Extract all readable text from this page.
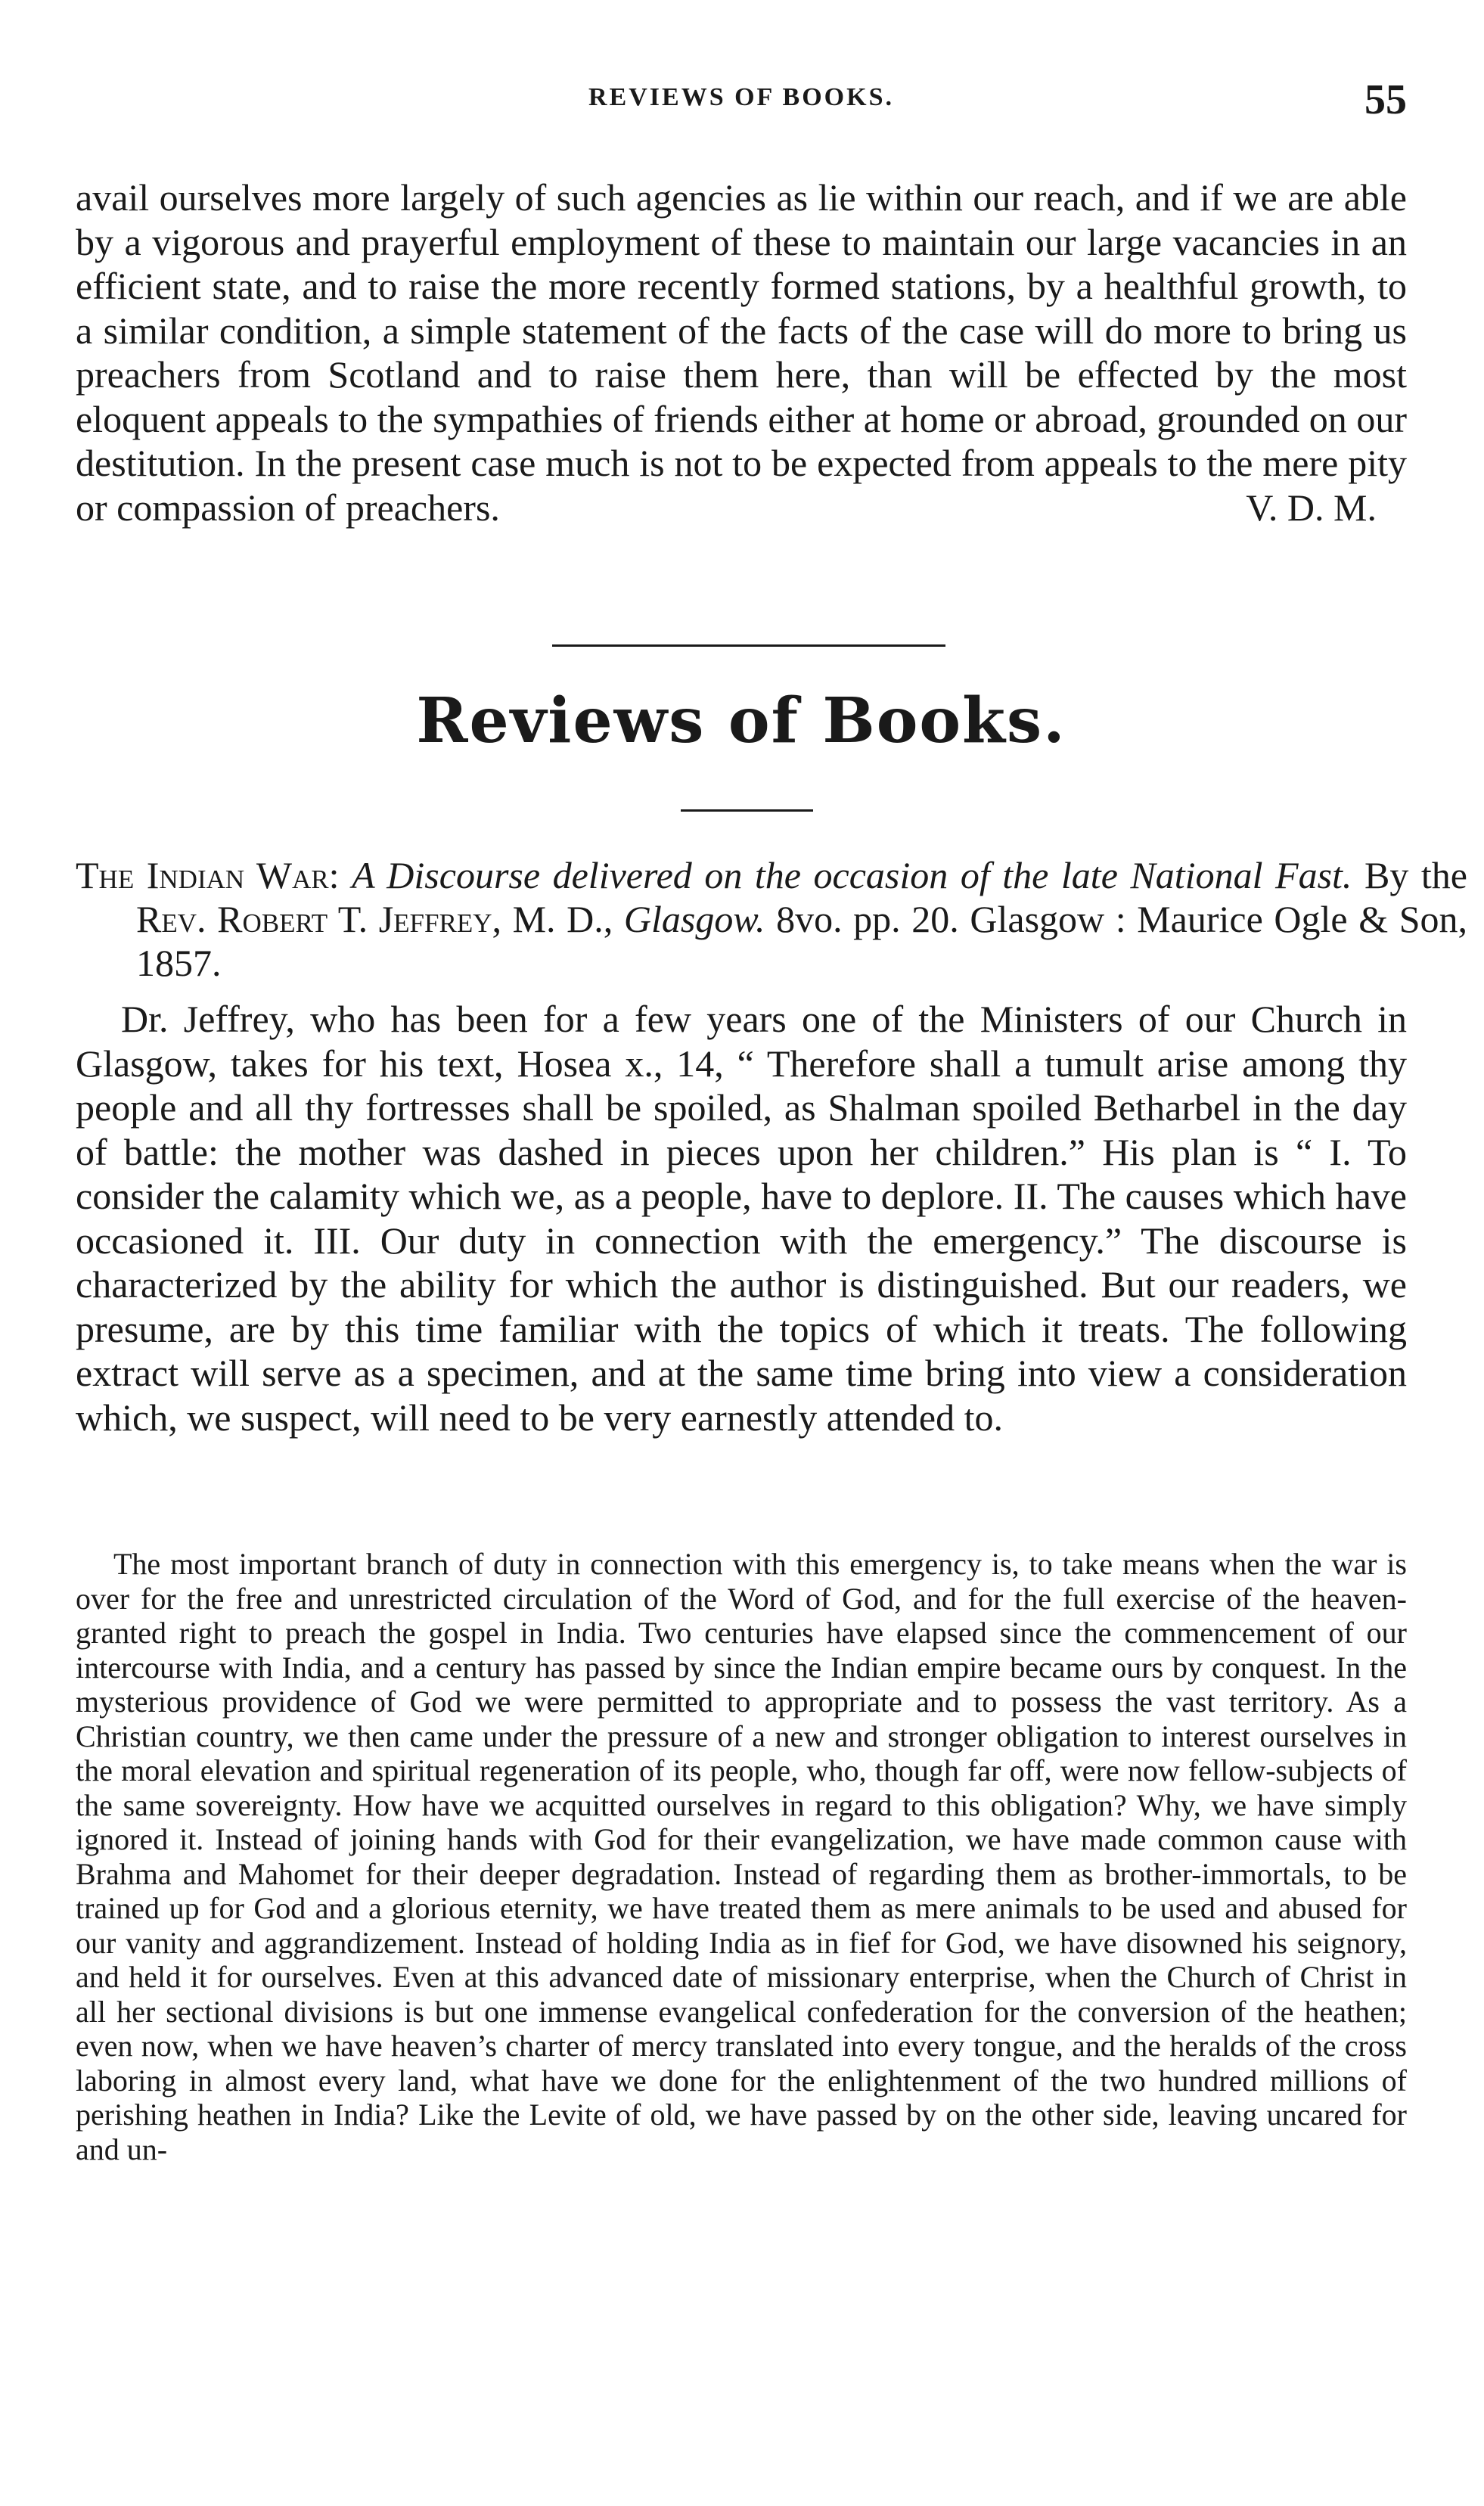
REVIEWS OF BOOKS.	55
avail ourselves more largely of such agencies as lie within our reach, and if we are able by a vigorous and prayerful employment of these to maintain our large vacancies in an efficient state, and to raise the more recently formed stations, by a healthful growth, to a similar condition, a simple statement of the facts of the case will do more to bring us preachers from Scotland and to raise them here, than will be effected by the most eloquent appeals to the sympathies of friends either at home or abroad, grounded on our destitution. In the present case much is not to be expected from appeals to the mere pity or compassion of preachers.	V. D. M.
Reviews of Books.
The Indian War: A Discourse delivered on the occasion of the late National Fast. By the Rev. Robert T. Jeffrey, M. D., Glasgow. 8vo. pp. 20. Glasgow : Maurice Ogle & Son, 1857.
Dr. Jeffrey, who has been for a few years one of the Ministers of our Church in Glasgow, takes for his text, Hosea x., 14, “ Therefore shall a tumult arise among thy people and all thy fortresses shall be spoiled, as Shalman spoiled Betharbel in the day of battle: the mother was dashed in pieces upon her children.” His plan is “ I. To consider the calamity which we, as a people, have to deplore. II. The causes which have occasioned it. III. Our duty in connection with the emergency.” The discourse is characterized by the ability for which the author is distinguished. But our readers, we presume, are by this time familiar with the topics of which it treats. The following extract will serve as a specimen, and at the same time bring into view a consideration which, we suspect, will need to be very earnestly attended to.
The most important branch of duty in connection with this emergency is, to take means when the war is over for the free and unrestricted circulation of the Word of God, and for the full exercise of the heaven-granted right to preach the gospel in India. Two centuries have elapsed since the commencement of our intercourse with India, and a century has passed by since the Indian empire became ours by conquest. In the mysterious providence of God we were permitted to appropriate and to possess the vast territory. As a Christian country, we then came under the pressure of a new and stronger obligation to interest ourselves in the moral elevation and spiritual regeneration of its people, who, though far off, were now fellow-subjects of the same sovereignty. How have we acquitted ourselves in regard to this obligation? Why, we have simply ignored it. Instead of joining hands with God for their evangelization, we have made common cause with Brahma and Mahomet for their deeper degradation. Instead of regarding them as brother-immortals, to be trained up for God and a glorious eternity, we have treated them as mere animals to be used and abused for our vanity and aggrandizement. Instead of holding India as in fief for God, we have disowned his seignory, and held it for ourselves. Even at this advanced date of missionary enterprise, when the Church of Christ in all her sectional divisions is but one immense evangelical confederation for the conversion of the heathen; even now, when we have heaven’s charter of mercy translated into every tongue, and the heralds of the cross laboring in almost every land, what have we done for the enlightenment of the two hundred millions of perishing heathen in India? Like the Levite of old, we have passed by on the other side, leaving uncared for and un-
